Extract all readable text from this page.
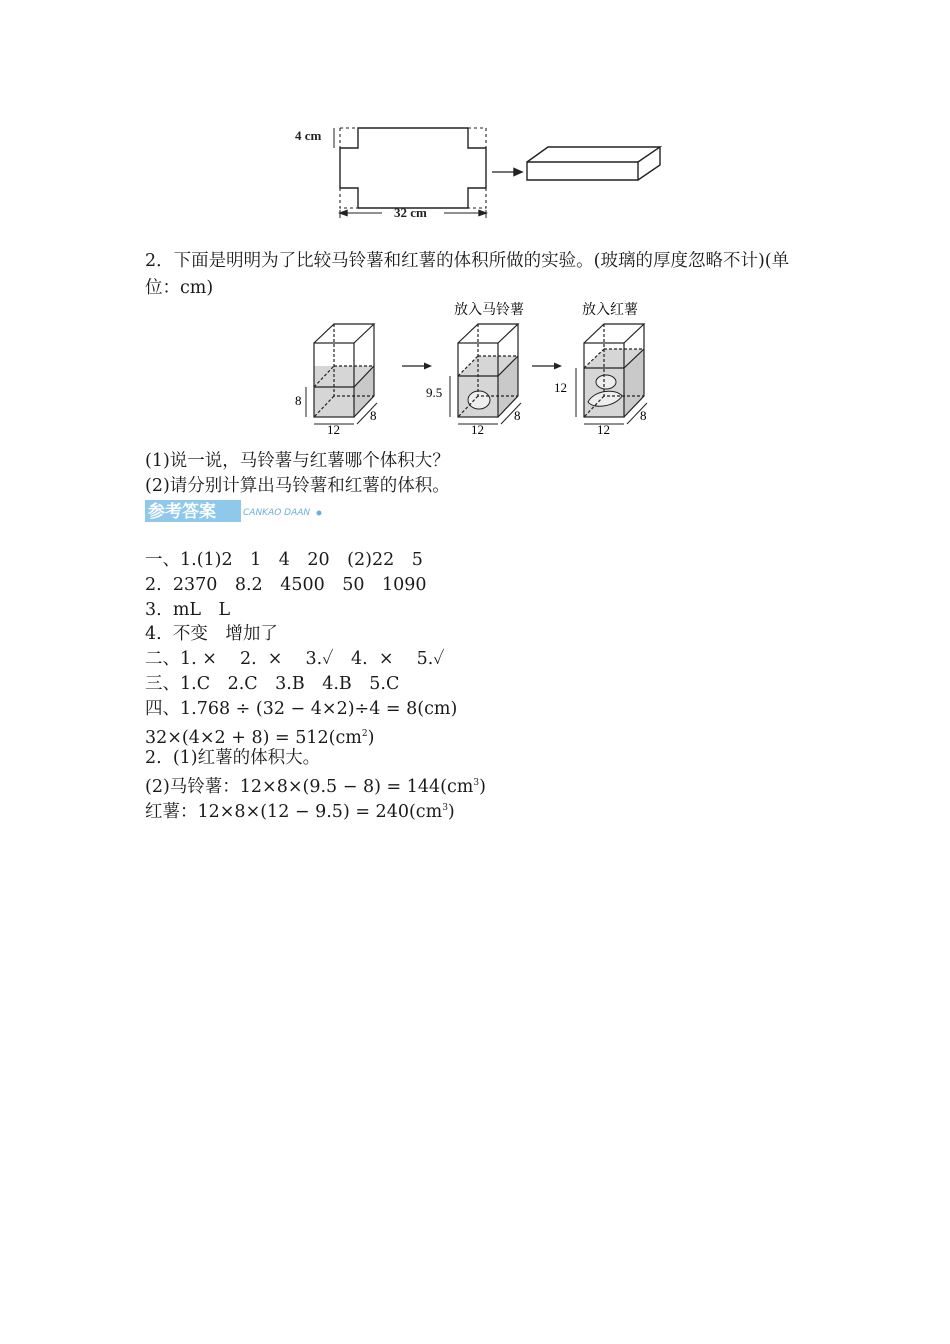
4 cm
32 cm
2．下面是明明为了比较马铃薯和红薯的体积所做的实验。(玻璃的厚度忽略不计)(单位：cm)
8
12
8
放入马铃薯
9.5
12
8
放入红薯
12
12
8
(1)说一说，马铃薯与红薯哪个体积大？
(2)请分别计算出马铃薯和红薯的体积。
参考答案	CANKAO DAAN
一、1.(1)2　1　4　20　(2)22　5
2.  2370　8.2　4500　50　1090
3.  mL　L
4.  不变　增加了
二、1. ×　 2.  ×　 3.✓　4.  ×　 5.✓
三、1.C　2.C　3.B　4.B　5.C
四、1.768 ÷ (32 − 4×2)÷4 = 8(cm)
$32\times(4\times 2 + 8) = 512(cm^2)$
2.  (1)红薯的体积大。
(2)马铃薯：$12\times 8\times(9.5 - 8) = 144(cm^3)$
红薯：$12\times 8\times(12 - 9.5) = 240(cm^3)$
